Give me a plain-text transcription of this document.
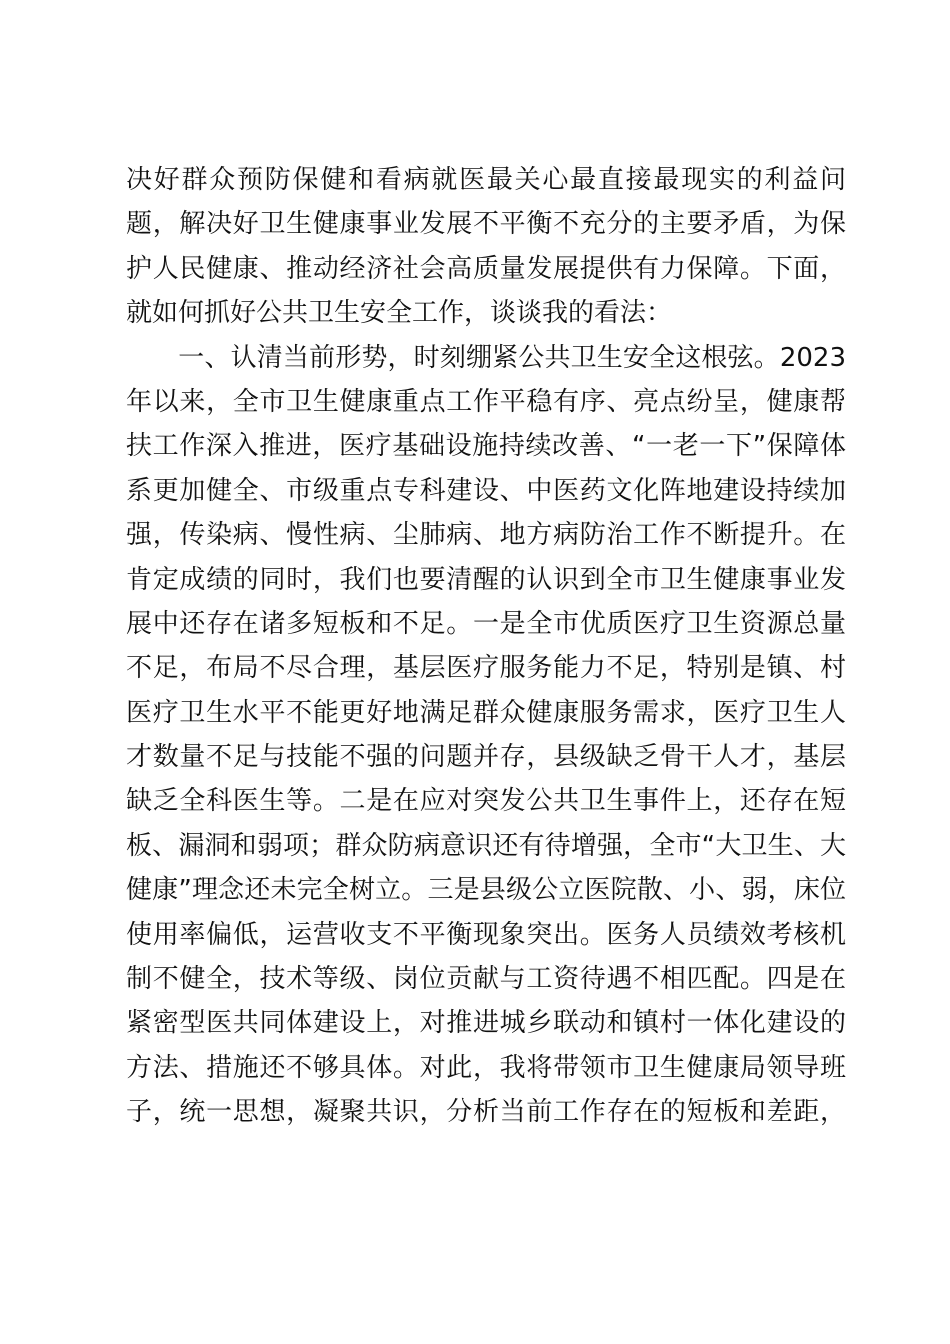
决好群众预防保健和看病就医最关心最直接最现实的利益问
题，解决好卫生健康事业发展不平衡不充分的主要矛盾，为保
护人民健康、推动经济社会高质量发展提供有力保障。下面，
就如何抓好公共卫生安全工作，谈谈我的看法：
　　一、认清当前形势，时刻绷紧公共卫生安全这根弦。2023
年以来，全市卫生健康重点工作平稳有序、亮点纷呈，健康帮
扶工作深入推进，医疗基础设施持续改善、“一老一下”保障体
系更加健全、市级重点专科建设、中医药文化阵地建设持续加
强，传染病、慢性病、尘肺病、地方病防治工作不断提升。在
肯定成绩的同时，我们也要清醒的认识到全市卫生健康事业发
展中还存在诸多短板和不足。一是全市优质医疗卫生资源总量
不足，布局不尽合理，基层医疗服务能力不足，特别是镇、村
医疗卫生水平不能更好地满足群众健康服务需求，医疗卫生人
才数量不足与技能不强的问题并存，县级缺乏骨干人才，基层
缺乏全科医生等。二是在应对突发公共卫生事件上，还存在短
板、漏洞和弱项；群众防病意识还有待增强，全市“大卫生、大
健康”理念还未完全树立。三是县级公立医院散、小、弱，床位
使用率偏低，运营收支不平衡现象突出。医务人员绩效考核机
制不健全，技术等级、岗位贡献与工资待遇不相匹配。四是在
紧密型医共同体建设上，对推进城乡联动和镇村一体化建设的
方法、措施还不够具体。对此，我将带领市卫生健康局领导班
子，统一思想，凝聚共识，分析当前工作存在的短板和差距，
